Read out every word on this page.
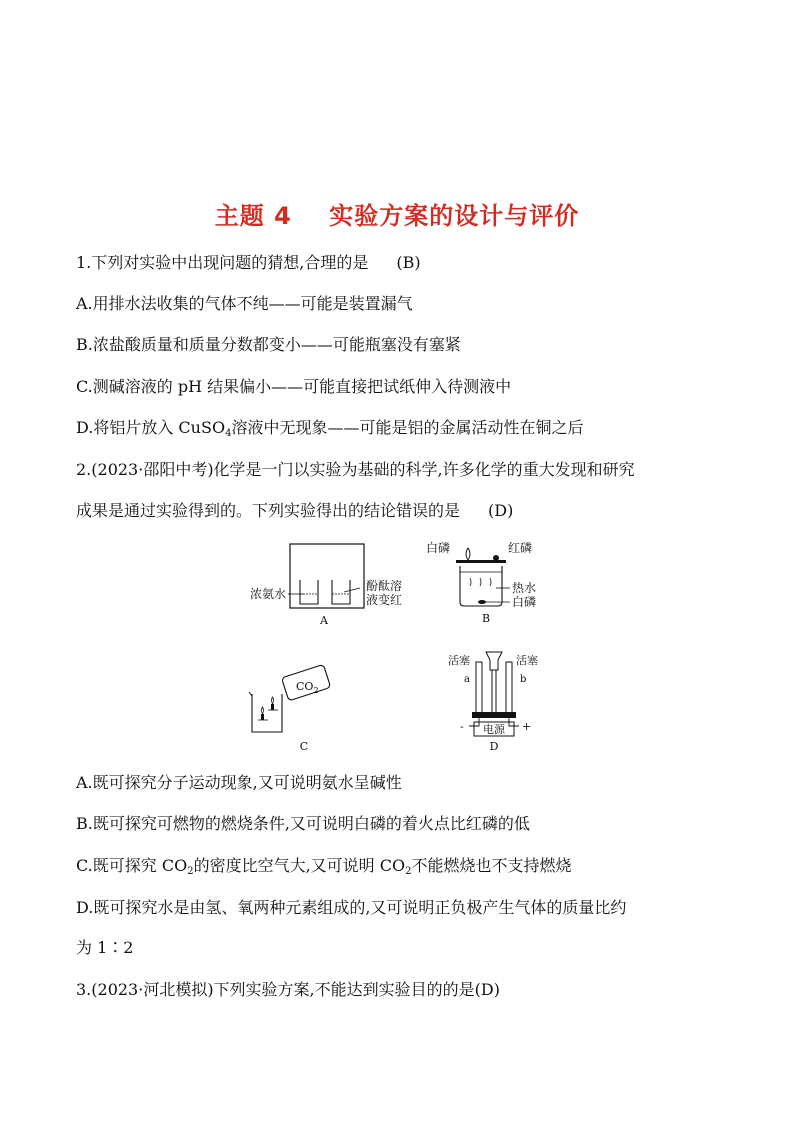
主题 4    实验方案的设计与评价
1.下列对实验中出现问题的猜想,合理的是 (B)
A.用排水法收集的气体不纯——可能是装置漏气
B.浓盐酸质量和质量分数都变小——可能瓶塞没有塞紧
C.测碱溶液的 pH 结果偏小——可能直接把试纸伸入待测液中
D.将铝片放入 CuSO$_4$溶液中无现象——可能是铝的金属活动性在铜之后
2.(2023·邵阳中考)化学是一门以实验为基础的科学,许多化学的重大发现和研究
成果是通过实验得到的。下列实验得出的结论错误的是 (D)
浓氨水
酚酞溶
液变红
A
白磷	红磷
热水
白磷
B
$CO_2$
C
活塞	活塞
a	b
-	+
电源
D
A.既可探究分子运动现象,又可说明氨水呈碱性
B.既可探究可燃物的燃烧条件,又可说明白磷的着火点比红磷的低
C.既可探究 $CO_2$的密度比空气大,又可说明 $CO_2$不能燃烧也不支持燃烧
D.既可探究水是由氢、氧两种元素组成的,又可说明正负极产生气体的质量比约
为 1∶2
3.(2023·河北模拟)下列实验方案,不能达到实验目的的是(D)
